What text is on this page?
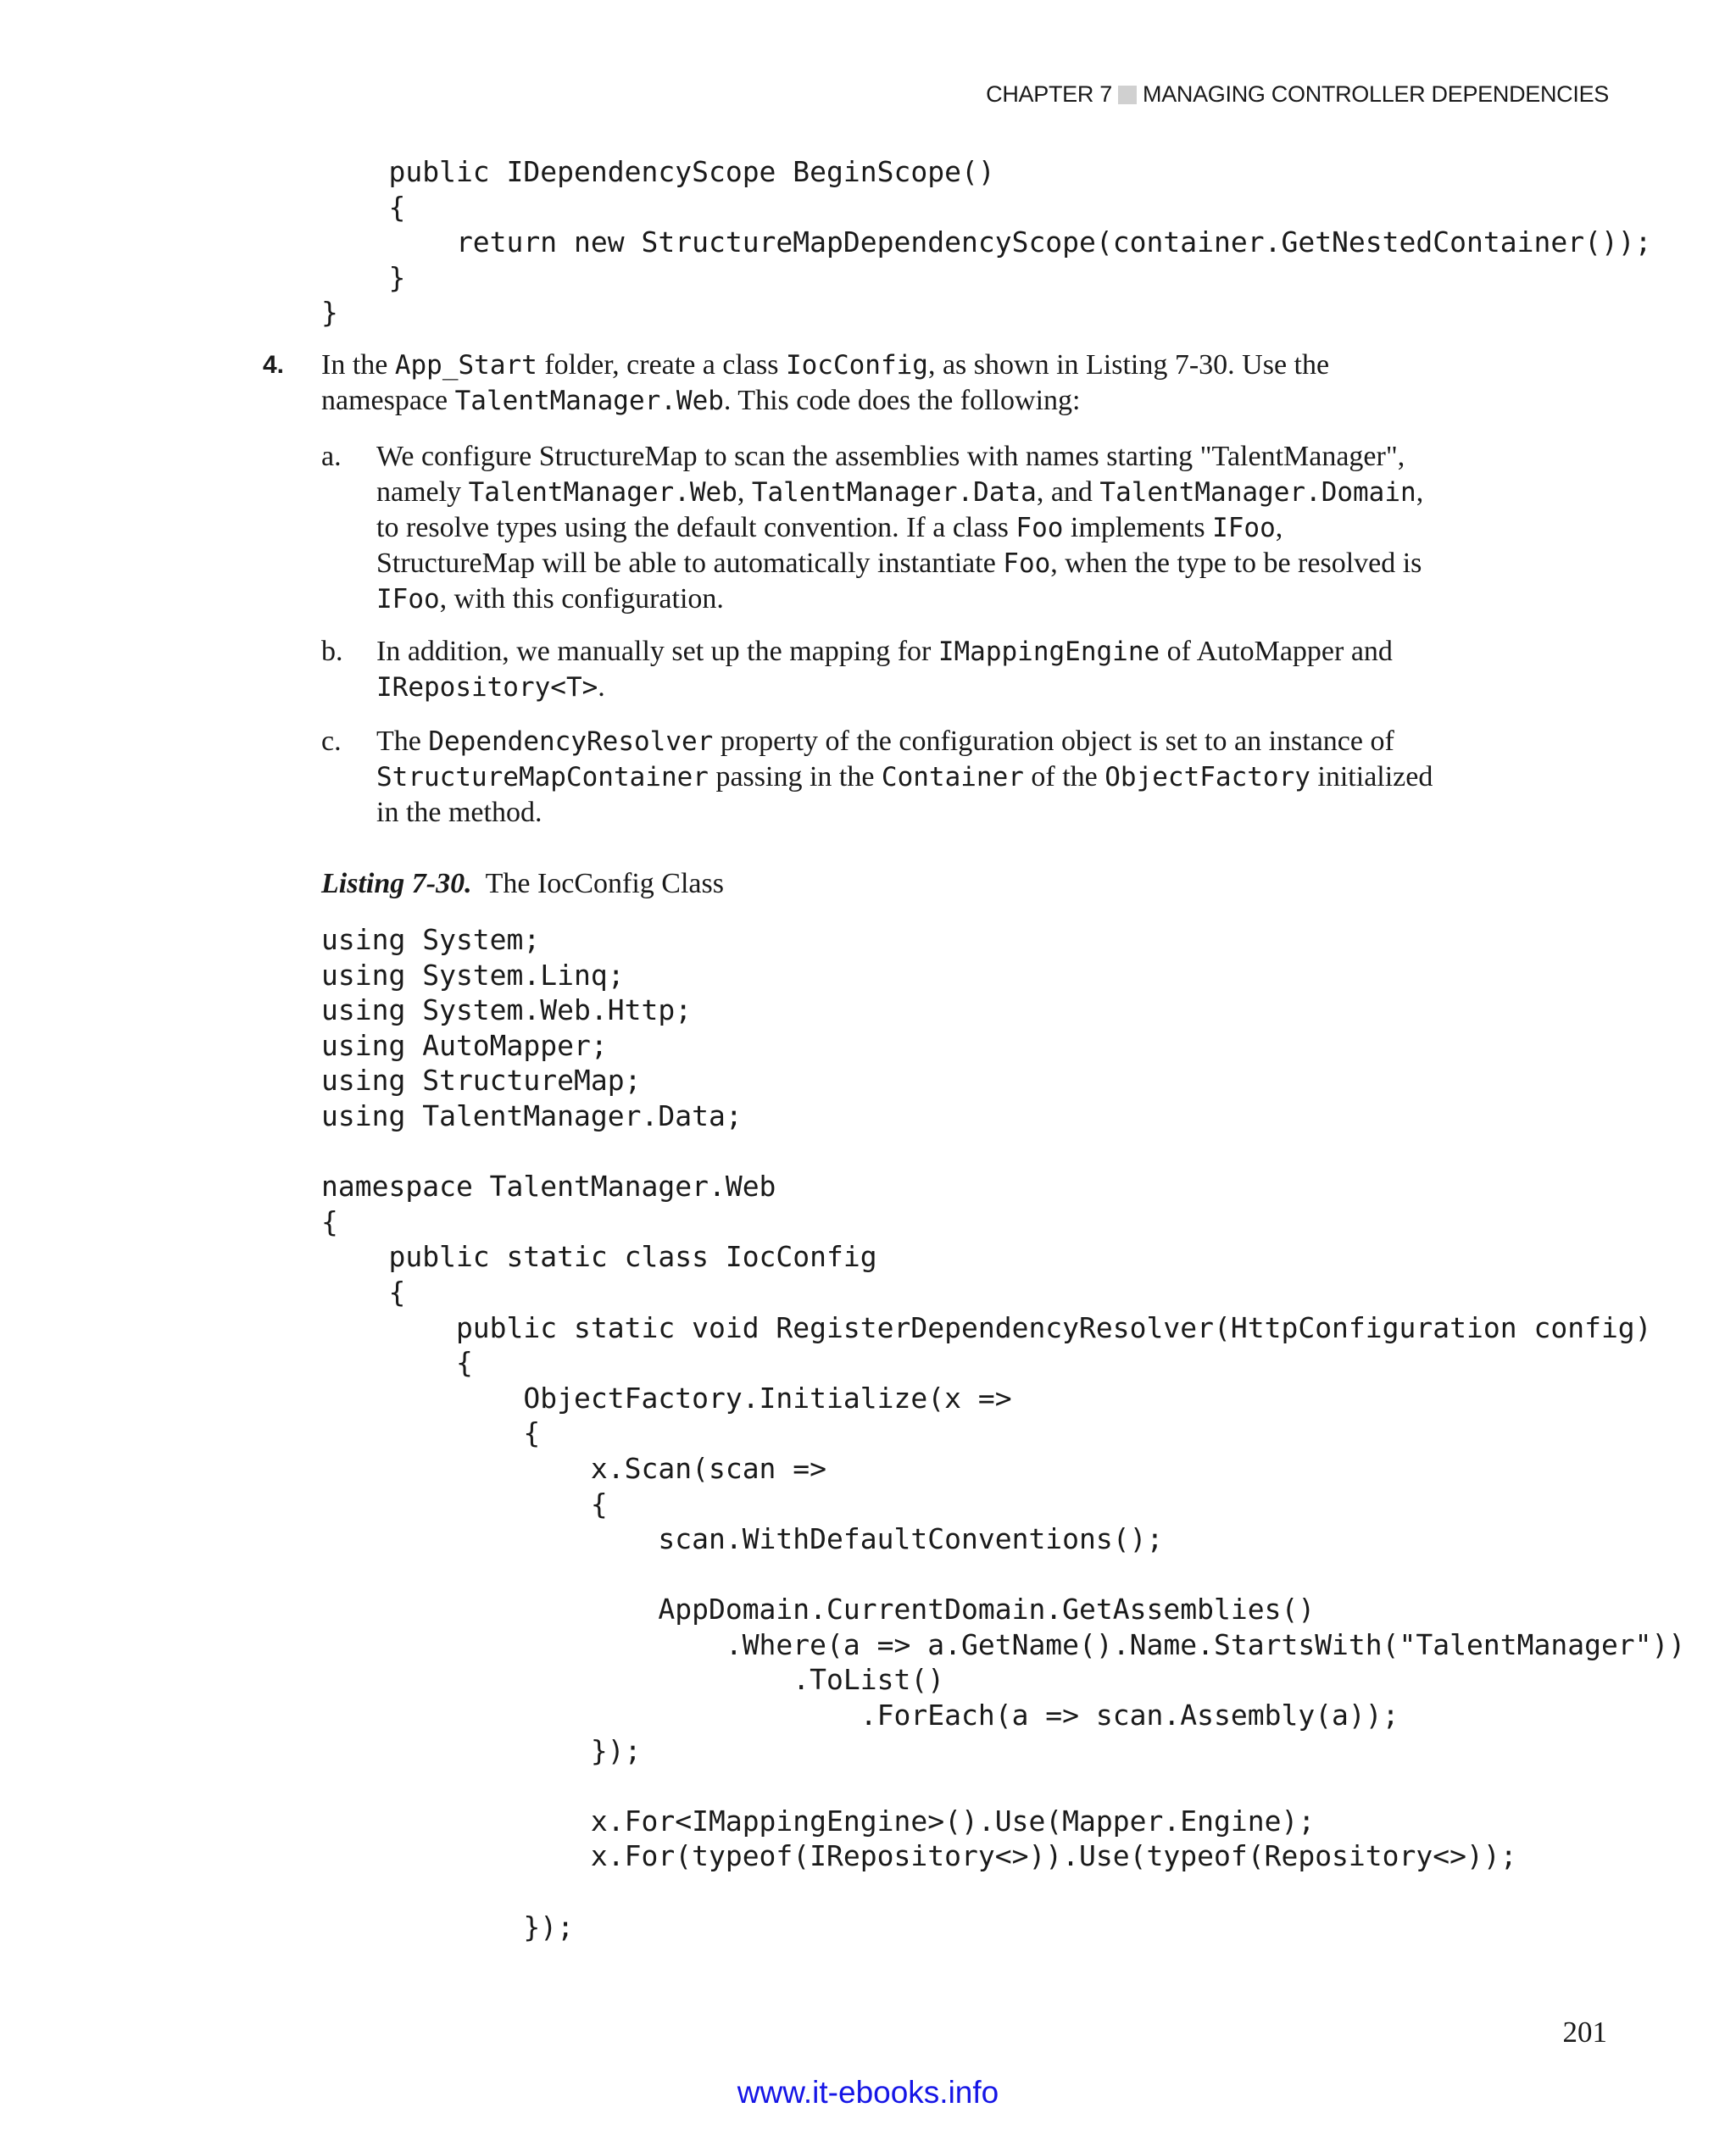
CHAPTER 7 MANAGING CONTROLLER DEPENDENCIES
public IDependencyScope BeginScope()
{
return new StructureMapDependencyScope(container.GetNestedContainer());
}
}
4. In the App_Start folder, create a class IocConfig, as shown in Listing 7-30. Use the namespace TalentManager.Web. This code does the following:
a. We configure StructureMap to scan the assemblies with names starting "TalentManager", namely TalentManager.Web, TalentManager.Data, and TalentManager.Domain, to resolve types using the default convention. If a class Foo implements IFoo, StructureMap will be able to automatically instantiate Foo, when the type to be resolved is IFoo, with this configuration.
b. In addition, we manually set up the mapping for IMappingEngine of AutoMapper and IRepository<T>.
c. The DependencyResolver property of the configuration object is set to an instance of StructureMapContainer passing in the Container of the ObjectFactory initialized in the method.
Listing 7-30. The IocConfig Class
using System;
using System.Linq;
using System.Web.Http;
using AutoMapper;
using StructureMap;
using TalentManager.Data;

namespace TalentManager.Web
{
public static class IocConfig
{
public static void RegisterDependencyResolver(HttpConfiguration config)
{
ObjectFactory.Initialize(x =>
{
x.Scan(scan =>
{
scan.WithDefaultConventions();

AppDomain.CurrentDomain.GetAssemblies()
.Where(a => a.GetName().Name.StartsWith("TalentManager"))
.ToList()
.ForEach(a => scan.Assembly(a));
});

x.For<IMappingEngine>().Use(Mapper.Engine);
x.For(typeof(IRepository<>)).Use(typeof(Repository<>));

});
201
www.it-ebooks.info
